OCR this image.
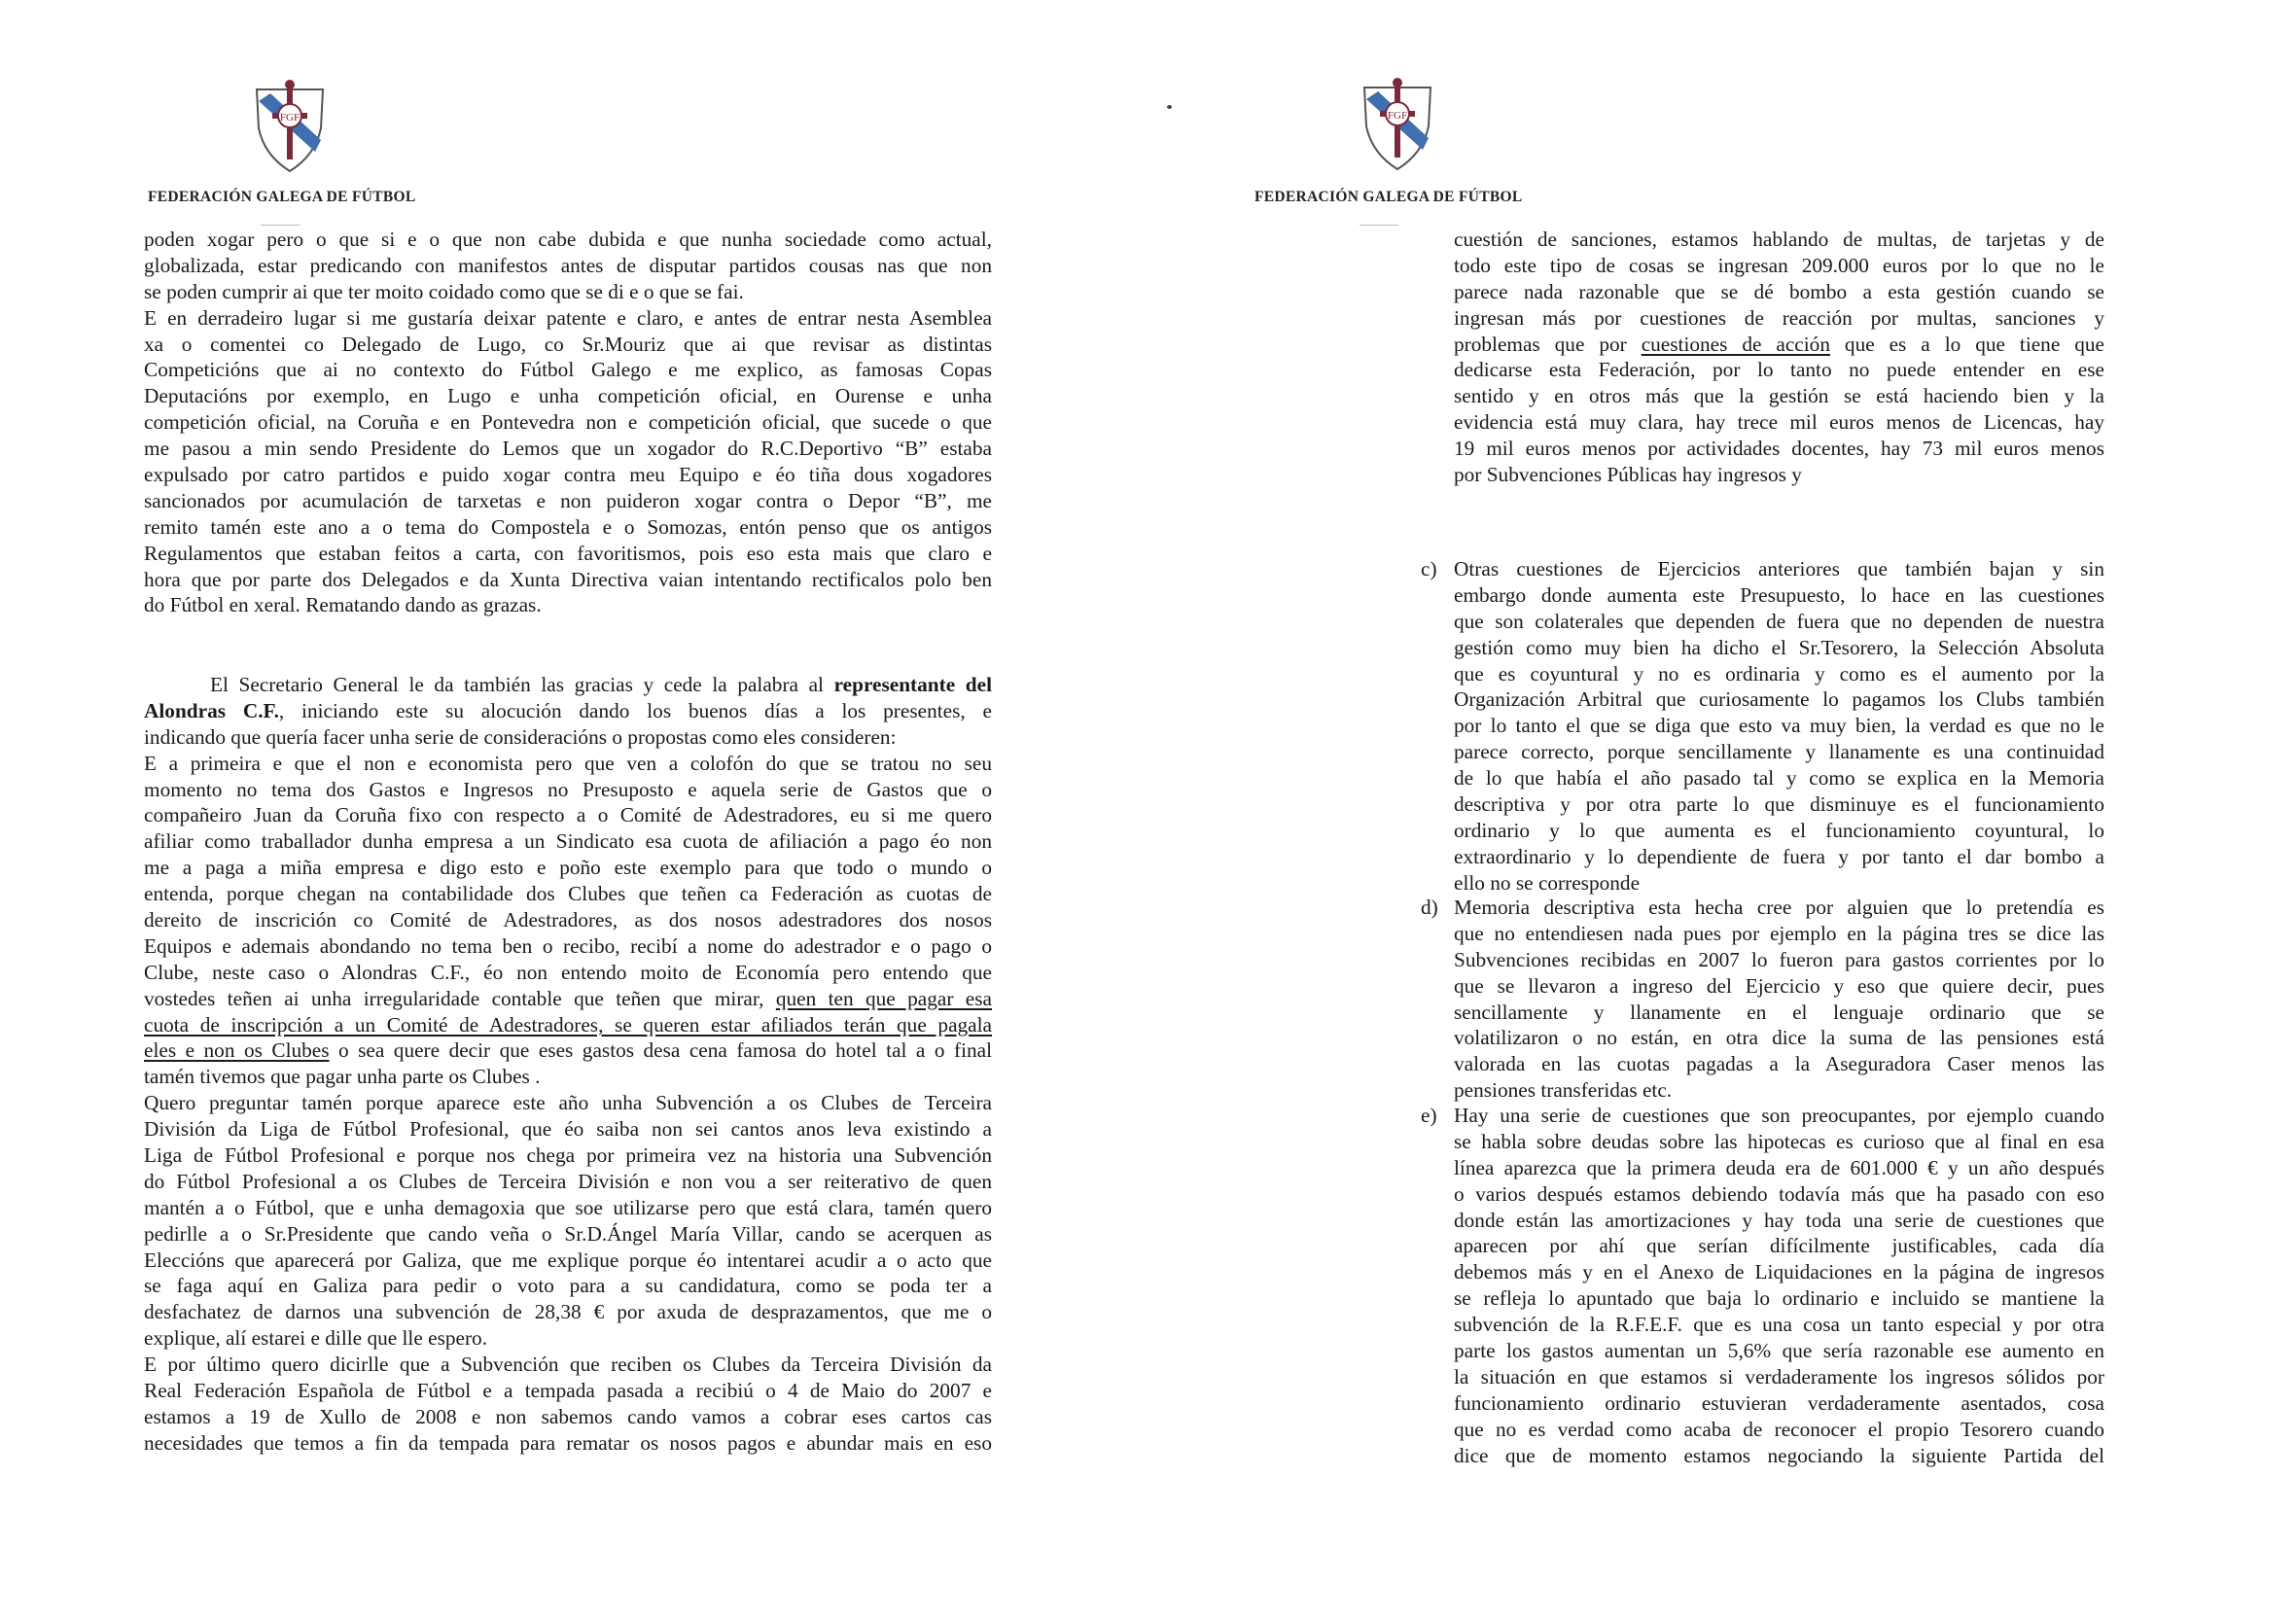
FGF
FEDERACIÓN GALEGA DE FÚTBOL
poden xogar pero o que si e o que non cabe dubida e que nunha sociedade como actual,
globalizada, estar predicando con manifestos antes de disputar partidos cousas nas que non
se poden cumprir ai que ter moito coidado como que se di e o que se fai.
E en derradeiro lugar si me gustaría deixar patente e claro, e antes de entrar nesta Asemblea
xa o comentei co Delegado de Lugo, co Sr.Mouriz que ai que revisar as distintas
Competicións que ai no contexto do Fútbol Galego e me explico, as famosas Copas
Deputacións por exemplo, en Lugo e unha competición oficial, en Ourense e unha
competición oficial, na Coruña e en Pontevedra non e competición oficial, que sucede o que
me pasou a min sendo Presidente do Lemos que un xogador do R.C.Deportivo “B” estaba
expulsado por catro partidos e puido xogar contra meu Equipo e éo tiña dous xogadores
sancionados por acumulación de tarxetas e non puideron xogar contra o Depor “B”, me
remito tamén este ano a o tema do Compostela e o Somozas, entón penso que os antigos
Regulamentos que estaban feitos a carta, con favoritismos, pois eso esta mais que claro e
hora que por parte dos Delegados e da Xunta Directiva vaian intentando rectificalos polo ben
do Fútbol en xeral. Rematando dando as grazas.
El Secretario General le da también las gracias y cede la palabra al representante del
Alondras C.F., iniciando este su alocución dando los buenos días a los presentes, e
indicando que quería facer unha serie de consideracións o propostas como eles consideren:
E a primeira e que el non e economista pero que ven a colofón do que se tratou no seu
momento no tema dos Gastos e Ingresos no Presuposto e aquela serie de Gastos que o
compañeiro Juan da Coruña fixo con respecto a o Comité de Adestradores, eu si me quero
afiliar como traballador dunha empresa a un Sindicato esa cuota de afiliación a pago éo non
me a paga a miña empresa e digo esto e poño este exemplo para que todo o mundo o
entenda, porque chegan na contabilidade dos Clubes que teñen ca Federación as cuotas de
dereito de inscrición co Comité de Adestradores, as dos nosos adestradores dos nosos
Equipos e ademais abondando no tema ben o recibo, recibí a nome do adestrador e o pago o
Clube, neste caso o Alondras C.F., éo non entendo moito de Economía pero entendo que
vostedes teñen ai unha irregularidade contable que teñen que mirar, quen ten que pagar esa
cuota de inscripción a un Comité de Adestradores, se queren estar afiliados terán que pagala
eles e non os Clubes o sea quere decir que eses gastos desa cena famosa do hotel tal a o final
tamén tivemos que pagar unha parte os Clubes .
Quero preguntar tamén porque aparece este año unha Subvención a os Clubes de Terceira
División da Liga de Fútbol Profesional, que éo saiba non sei cantos anos leva existindo a
Liga de Fútbol Profesional e porque nos chega por primeira vez na historia una Subvención
do Fútbol Profesional a os Clubes de Terceira División e non vou a ser reiterativo de quen
mantén a o Fútbol, que e unha demagoxia que soe utilizarse pero que está clara, tamén quero
pedirlle a o Sr.Presidente que cando veña o Sr.D.Ángel María Villar, cando se acerquen as
Eleccións que aparecerá por Galiza, que me explique porque éo intentarei acudir a o acto que
se faga aquí en Galiza para pedir o voto para a su candidatura, como se poda ter a
desfachatez de darnos una subvención de 28,38 € por axuda de desprazamentos, que me o
explique, alí estarei e dille que lle espero.
E por último quero dicirlle que a Subvención que reciben os Clubes da Terceira División da
Real Federación Española de Fútbol e a tempada pasada a recibiú o 4 de Maio do 2007 e
estamos a 19 de Xullo de 2008 e non sabemos cando vamos a cobrar eses cartos cas
necesidades que temos a fin da tempada para rematar os nosos pagos e abundar mais en eso
FGF
FEDERACIÓN GALEGA DE FÚTBOL
cuestión de sanciones, estamos hablando de multas, de tarjetas y de
todo este tipo de cosas se ingresan 209.000 euros por lo que no le
parece nada razonable que se dé bombo a esta gestión cuando se
ingresan más por cuestiones de reacción por multas, sanciones y
problemas que por cuestiones de acción que es a lo que tiene que
dedicarse esta Federación, por lo tanto no puede entender en ese
sentido y en otros más que la gestión se está haciendo bien y la
evidencia está muy clara, hay trece mil euros menos de Licencas, hay
19 mil euros menos por actividades docentes, hay 73 mil euros menos
por Subvenciones Públicas hay ingresos y
c) Otras cuestiones de Ejercicios anteriores que también bajan y sin
embargo donde aumenta este Presupuesto, lo hace en las cuestiones
que son colaterales que dependen de fuera que no dependen de nuestra
gestión como muy bien ha dicho el Sr.Tesorero, la Selección Absoluta
que es coyuntural y no es ordinaria y como es el aumento por la
Organización Arbitral que curiosamente lo pagamos los Clubs también
por lo tanto el que se diga que esto va muy bien, la verdad es que no le
parece correcto, porque sencillamente y llanamente es una continuidad
de lo que había el año pasado tal y como se explica en la Memoria
descriptiva y por otra parte lo que disminuye es el funcionamiento
ordinario y lo que aumenta es el funcionamiento coyuntural, lo
extraordinario y lo dependiente de fuera y por tanto el dar bombo a
ello no se corresponde
d) Memoria descriptiva esta hecha cree por alguien que lo pretendía es
que no entendiesen nada pues por ejemplo en la página tres se dice las
Subvenciones recibidas en 2007 lo fueron para gastos corrientes por lo
que se llevaron a ingreso del Ejercicio y eso que quiere decir, pues
sencillamente y llanamente en el lenguaje ordinario que se
volatilizaron o no están, en otra dice la suma de las pensiones está
valorada en las cuotas pagadas a la Aseguradora Caser menos las
pensiones transferidas etc.
e) Hay una serie de cuestiones que son preocupantes, por ejemplo cuando
se habla sobre deudas sobre las hipotecas es curioso que al final en esa
línea aparezca que la primera deuda era de 601.000 € y un año después
o varios después estamos debiendo todavía más que ha pasado con eso
donde están las amortizaciones y hay toda una serie de cuestiones que
aparecen por ahí que serían difícilmente justificables, cada día
debemos más y en el Anexo de Liquidaciones en la página de ingresos
se refleja lo apuntado que baja lo ordinario e incluido se mantiene la
subvención de la R.F.E.F. que es una cosa un tanto especial y por otra
parte los gastos aumentan un 5,6% que sería razonable ese aumento en
la situación en que estamos si verdaderamente los ingresos sólidos por
funcionamiento ordinario estuvieran verdaderamente asentados, cosa
que no es verdad como acaba de reconocer el propio Tesorero cuando
dice que de momento estamos negociando la siguiente Partida del
